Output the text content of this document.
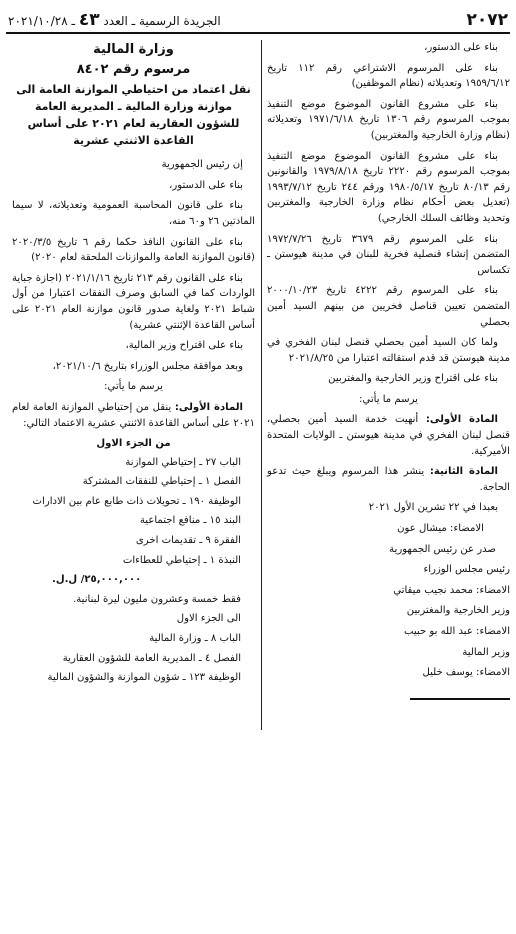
٢٠٧٢
الجريدة الرسمية ـ العدد ٤٣ ـ ٢٠٢١/١٠/٢٨

بناء على الدستور،

بناء على المرسوم الاشتراعي رقم ١١٢ تاريخ ١٩٥٩/٦/١٢ وتعديلاته (نظام الموظفين)

بناء على مشروع القانون الموضوع موضع التنفيذ بموجب المرسوم رقم ١٣٠٦ تاريخ ١٩٧١/٦/١٨ وتعديلاته (نظام وزارة الخارجية والمغتربين)

بناء على مشروع القانون الموضوع موضع التنفيذ بموجب المرسوم رقم ٢٢٢٠ تاريخ ١٩٧٩/٨/١٨ والقانونين رقم ٨٠/١٣ تاريخ ١٩٨٠/٥/١٧ ورقم ٢٤٤ تاريخ ١٩٩٣/٧/١٢ (تعديل بعض أحكام نظام وزارة الخارجية والمغتربين وتحديد وظائف السلك الخارجي)

بناء على المرسوم رقم ٣٦٧٩ تاريخ ١٩٧٢/٧/٢٦ المتضمن إنشاء قنصلية فخرية للبنان في مدينة هيوستن ـ تكساس

بناء على المرسوم رقم ٤٢٢٢ تاريخ ٢٠٠٠/١٠/٢٣ المتضمن تعيين قناصل فخريين من بينهم السيد أمين بحصلي

ولما كان السيد أمين بحصلي قنصل لبنان الفخري في مدينة هيوستن قد قدم استقالته اعتبارا من ٢٠٢١/٨/٢٥

بناء على اقتراح وزير الخارجية والمغتربين

يرسم ما يأتي:

المادة الأولى: أنهيت خدمة السيد أمين بحصلي، قنصل لبنان الفخري في مدينة هيوستن ـ الولايات المتحدة الأميركية.

المادة الثانية: ينشر هذا المرسوم ويبلغ حيث تدعو الحاجة.

بعبدا في ٢٢ تشرين الأول ٢٠٢١

الامضاء: ميشال عون

صدر عن رئيس الجمهورية

رئيس مجلس الوزراء

الامضاء: محمد نجيب ميقاتي

وزير الخارجية والمغتربين

الامضاء: عبد الله بو حبيب

وزير المالية

الامضاء: يوسف خليل

وزارة المالية

مرسوم رقم ٨٤٠٢

نقل اعتماد من احتياطي الموازنة العامة الى موازنة وزارة المالية ـ المديرية العامة للشؤون العقارية لعام ٢٠٢١ على أساس القاعدة الاثنتي عشرية

إن رئيس الجمهورية

بناء على الدستور،

بناء على قانون المحاسبة العمومية وتعديلاته، لا سيما المادتين ٢٦ و٦٠ منه،

بناء على القانون النافذ حكما رقم ٦ تاريخ ٢٠٢٠/٣/٥ (قانون الموازنة العامة والموازنات الملحقة لعام ٢٠٢٠)

بناء على القانون رقم ٢١٣ تاريخ ٢٠٢١/١/١٦ (اجازة جباية الواردات كما في السابق وصرف النفقات اعتبارا من أول شباط ٢٠٢١ ولغاية صدور قانون موازنة العام ٢٠٢١ على أساس القاعدة الإثنتي عشرية)

بناء على اقتراح وزير المالية،

وبعد موافقة مجلس الوزراء بتاريخ ٢٠٢١/١٠/٦،

يرسم ما يأتي:

المادة الأولى: ينقل من إحتياطي الموازنة العامة لعام ٢٠٢١ على أساس القاعدة الاثنتي عشرية الاعتماد التالي:

من الجزء الاول

الباب ٢٧ ـ إحتياطي الموازنة

الفصل ١ ـ إحتياطي للنفقات المشتركة

الوظيفة ١٩٠ ـ تحويلات ذات طابع عام بين الادارات

البند ١٥ ـ منافع اجتماعية

الفقرة ٩ ـ تقديمات اخرى

النبذة ١ ـ إحتياطي للعطاءات

٢٥,٠٠٠,٠٠٠/ ل.ل.

فقط خمسة وعشرون مليون ليرة لبنانية.

الى الجزء الاول

الباب ٨ ـ وزارة المالية

الفصل ٤ ـ المديرية العامة للشؤون العقارية

الوظيفة ١٢٣ ـ شؤون الموازنة والشؤون المالية
